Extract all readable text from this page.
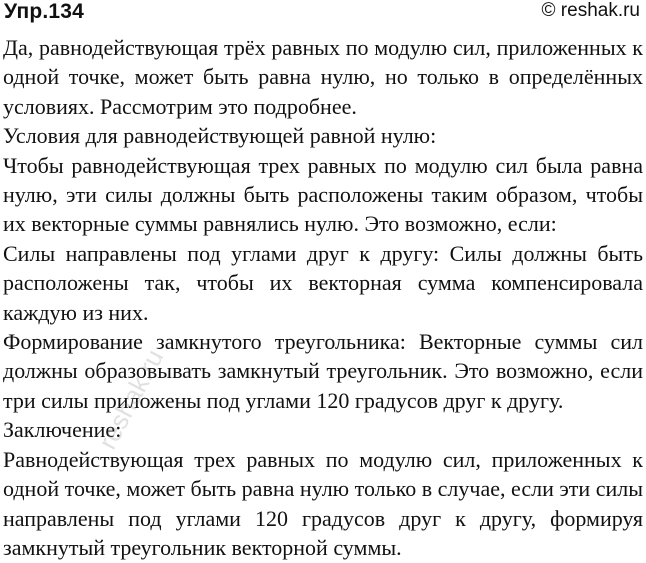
Упр.134	© reshak.ru

Да, равнодействующая трёх равных по модулю сил, приложенных к одной точке, может быть равна нулю, но только в определённых условиях. Рассмотрим это подробнее.

Условия для равнодействующей равной нулю:

Чтобы равнодействующая трех равных по модулю сил была равна нулю, эти силы должны быть расположены таким образом, чтобы их векторные суммы равнялись нулю. Это возможно, если:

Силы направлены под углами друг к другу: Силы должны быть расположены так, чтобы их векторная сумма компенсировала каждую из них.

Формирование замкнутого треугольника: Векторные суммы сил должны образовывать замкнутый треугольник. Это возможно, если три силы приложены под углами 120 градусов друг к другу.

Заключение:

Равнодействующая трех равных по модулю сил, приложенных к одной точке, может быть равна нулю только в случае, если эти силы направлены под углами 120 градусов друг к другу, формируя замкнутый треугольник векторной суммы.

reshak.ru
